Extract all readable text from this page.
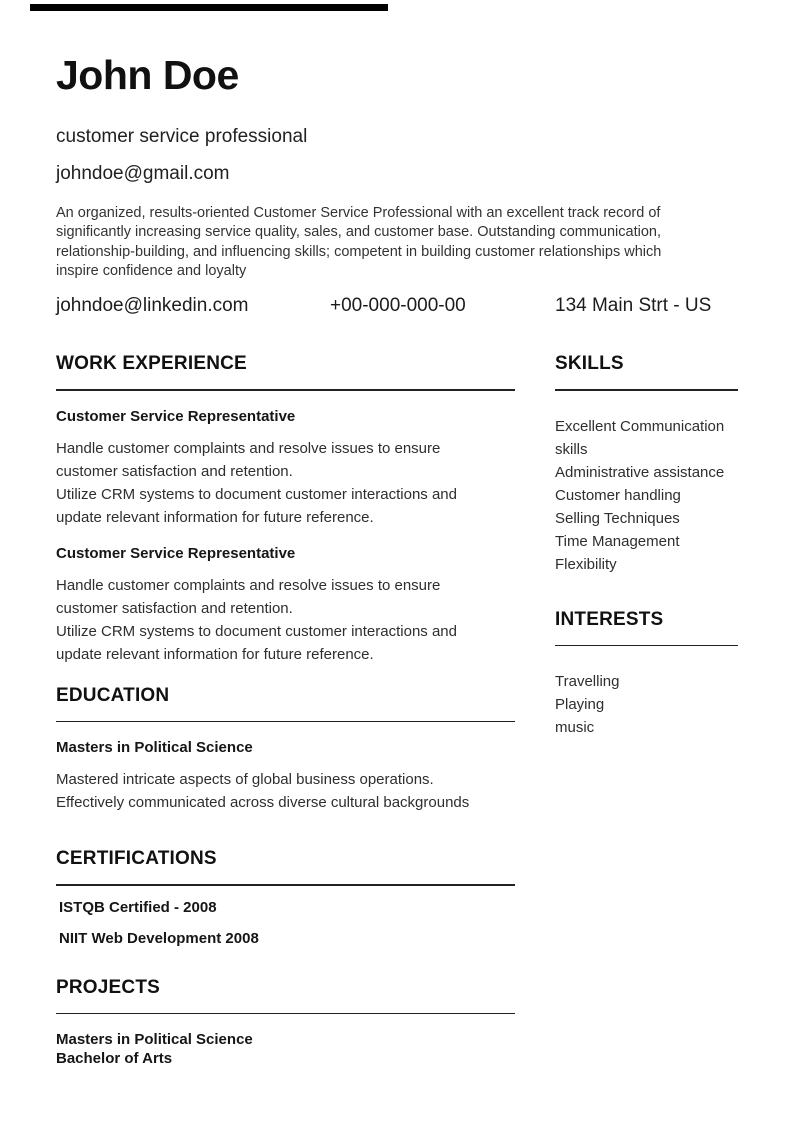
John Doe
customer service professional
johndoe@gmail.com
An organized, results-oriented Customer Service Professional with an excellent track record of significantly increasing service quality, sales, and customer base. Outstanding communication, relationship-building, and influencing skills; competent in building customer relationships which inspire confidence and loyalty
johndoe@linkedin.com	+00-000-000-00	134 Main Strt - US
WORK EXPERIENCE
Customer Service Representative
Handle customer complaints and resolve issues to ensure customer satisfaction and retention.
Utilize CRM systems to document customer interactions and update relevant information for future reference.
Customer Service Representative
Handle customer complaints and resolve issues to ensure customer satisfaction and retention.
Utilize CRM systems to document customer interactions and update relevant information for future reference.
EDUCATION
Masters in Political Science
Mastered intricate aspects of global business operations.
Effectively communicated across diverse cultural backgrounds
CERTIFICATIONS
ISTQB Certified - 2008
NIIT Web Development 2008
PROJECTS
Masters in Political Science
Bachelor of Arts
SKILLS
Excellent Communication skills
Administrative assistance
Customer handling
Selling Techniques
Time Management Flexibility
INTERESTS
Travelling
Playing
music
